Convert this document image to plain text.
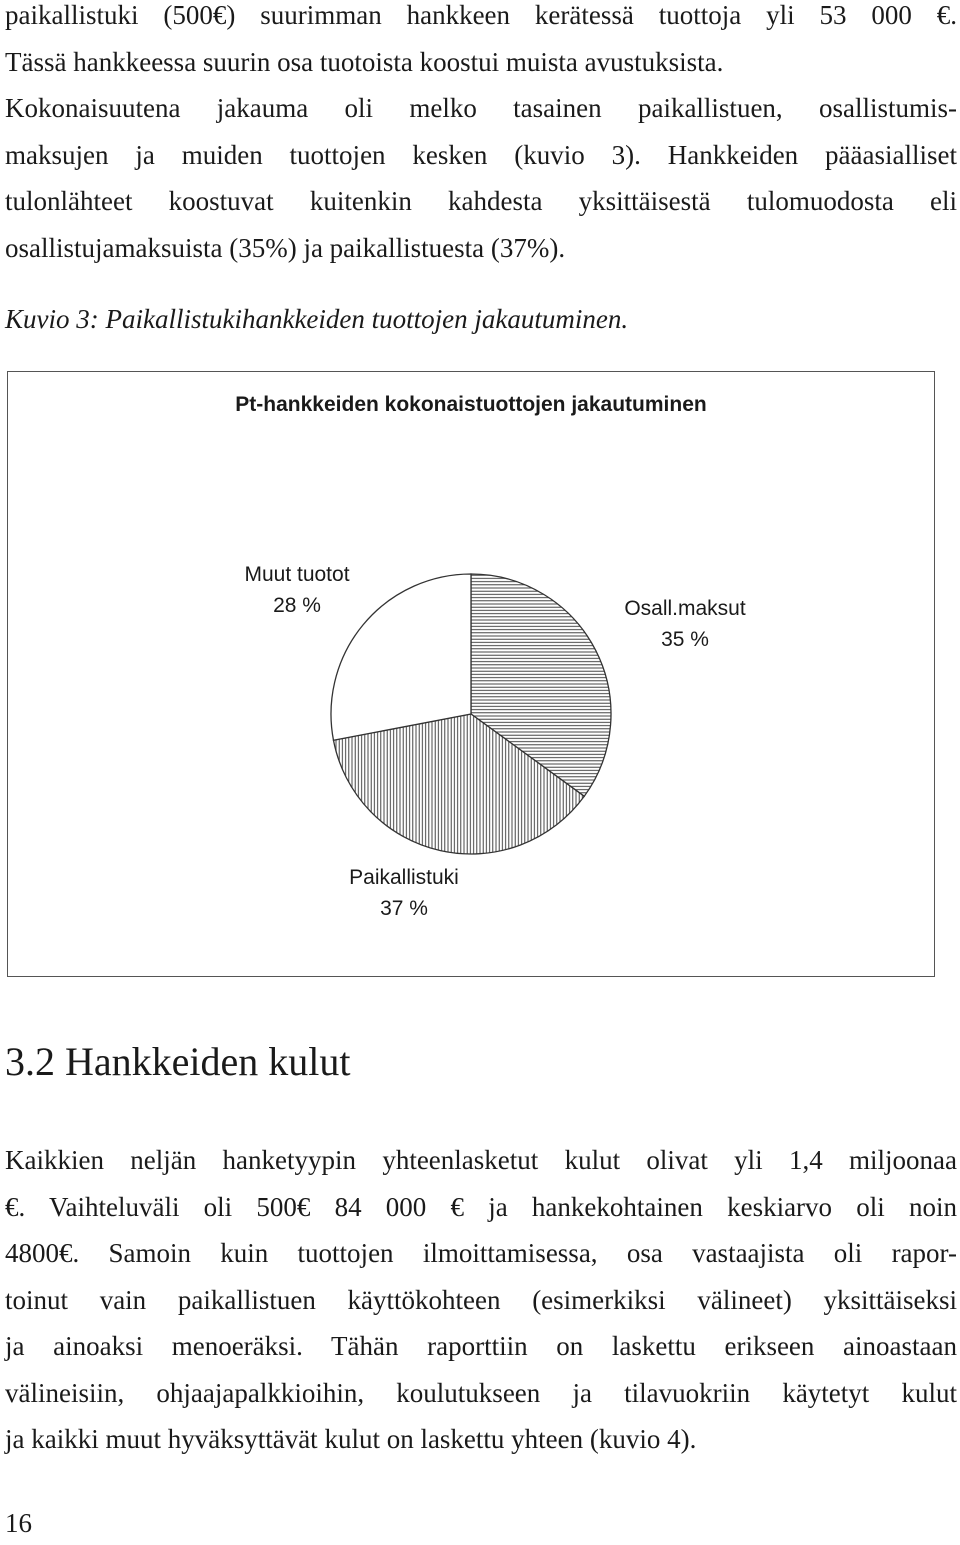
paikallistuki (500€) suurimman hankkeen kerätessä tuottoja yli 53 000 €.
Tässä hankkeessa suurin osa tuotoista koostui muista avustuksista.
Kokonaisuutena jakauma oli melko tasainen paikallistuen, osallistumis-
maksujen ja muiden tuottojen kesken (kuvio 3). Hankkeiden pääasialliset
tulonlähteet koostuvat kuitenkin kahdesta yksittäisestä tulomuodosta eli
osallistujamaksuista (35%) ja paikallistuesta (37%).

Kuvio 3: Paikallistukihankkeiden tuottojen jakautuminen.

Pt-hankkeiden kokonaistuottojen jakautuminen
Osall.maksut
35 %
Paikallistuki
37 %
Muut tuotot
28 %
3.2 Hankkeiden kulut
Kaikkien neljän hanketyypin yhteenlasketut kulut olivat yli 1,4 miljoonaa
€. Vaihteluväli oli 500€ 84 000 € ja hankekohtainen keskiarvo oli noin
4800€. Samoin kuin tuottojen ilmoittamisessa, osa vastaajista oli rapor-
toinut vain paikallistuen käyttökohteen (esimerkiksi välineet) yksittäiseksi
ja ainoaksi menoeräksi. Tähän raporttiin on laskettu erikseen ainoastaan
välineisiin, ohjaajapalkkioihin, koulutukseen ja tilavuokriin käytetyt kulut
ja kaikki muut hyväksyttävät kulut on laskettu yhteen (kuvio 4).

16
